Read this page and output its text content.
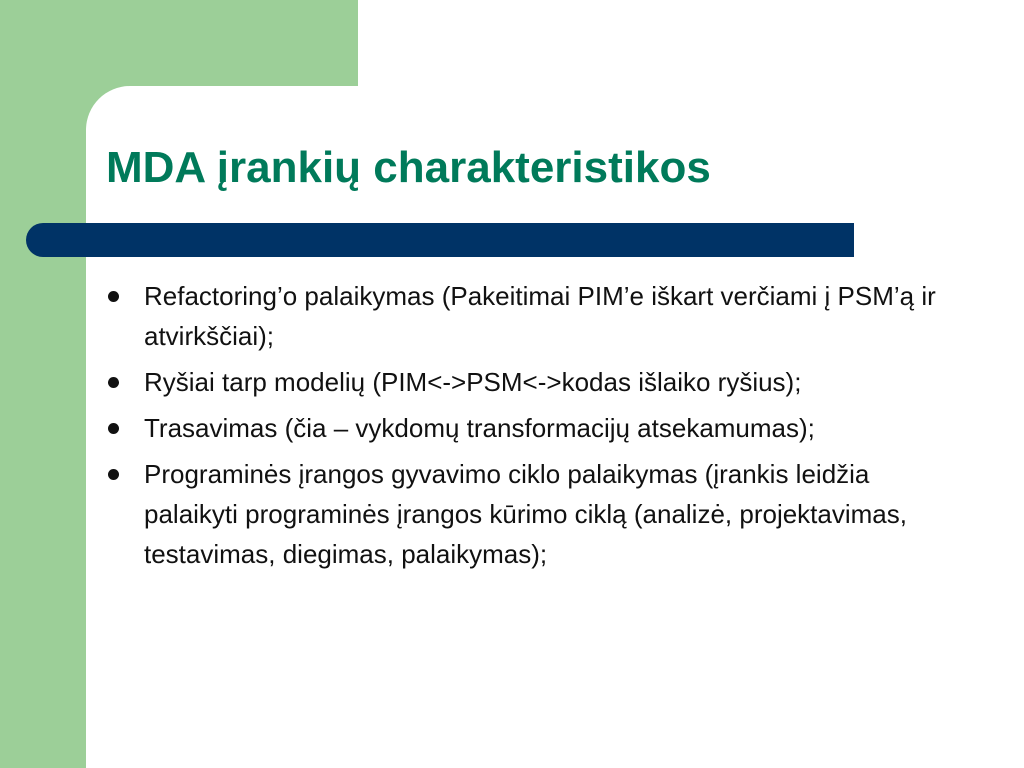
MDA įrankių charakteristikos
Refactoring’o palaikymas (Pakeitimai PIM’e iškart verčiami į PSM’ą ir atvirkščiai);
Ryšiai tarp modelių (PIM<->PSM<->kodas išlaiko ryšius);
Trasavimas (čia – vykdomų transformacijų atsekamumas);
Programinės įrangos gyvavimo ciklo palaikymas (įrankis leidžia palaikyti programinės įrangos kūrimo ciklą (analizė, projektavimas, testavimas, diegimas, palaikymas);
